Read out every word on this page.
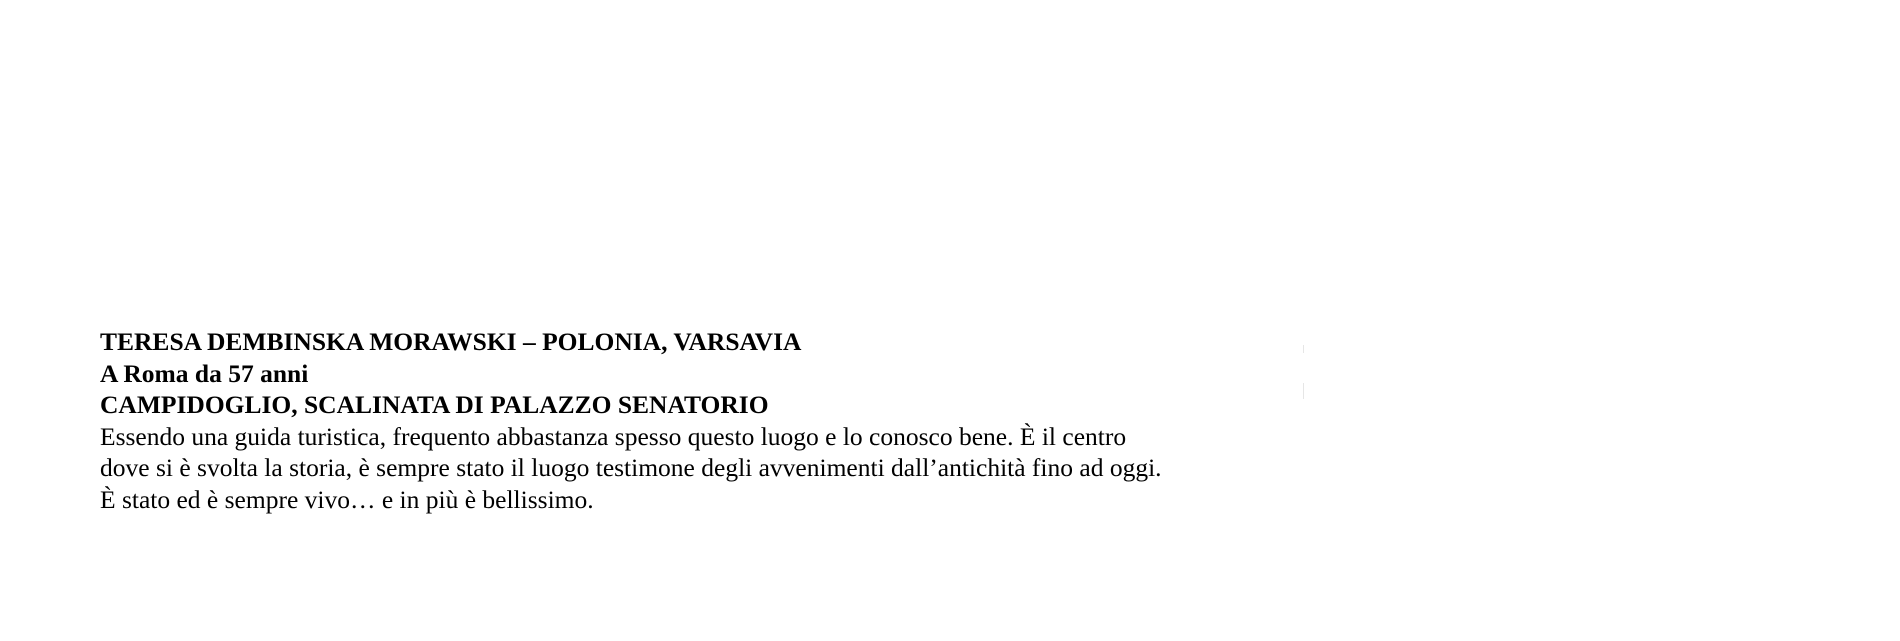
TERESA DEMBINSKA MORAWSKI – POLONIA, VARSAVIA
A Roma da 57 anni
CAMPIDOGLIO, SCALINATA DI PALAZZO SENATORIO
Essendo una guida turistica, frequento abbastanza spesso questo luogo e lo conosco bene. È il centro dove si è svolta la storia, è sempre stato il luogo testimone degli avvenimenti dall’antichità fino ad oggi. È stato ed è sempre vivo… e in più è bellissimo.
